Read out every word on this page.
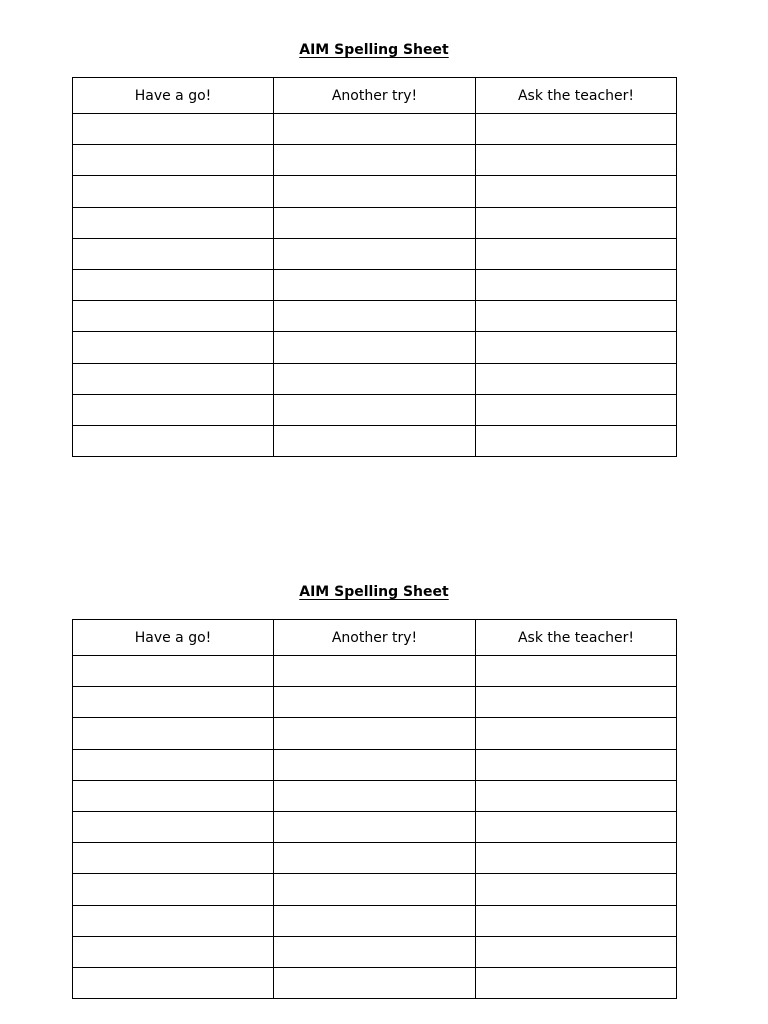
AIM Spelling Sheet
Have a go!	Another try!	Ask the teacher!

AIM Spelling Sheet
Have a go!	Another try!	Ask the teacher!
